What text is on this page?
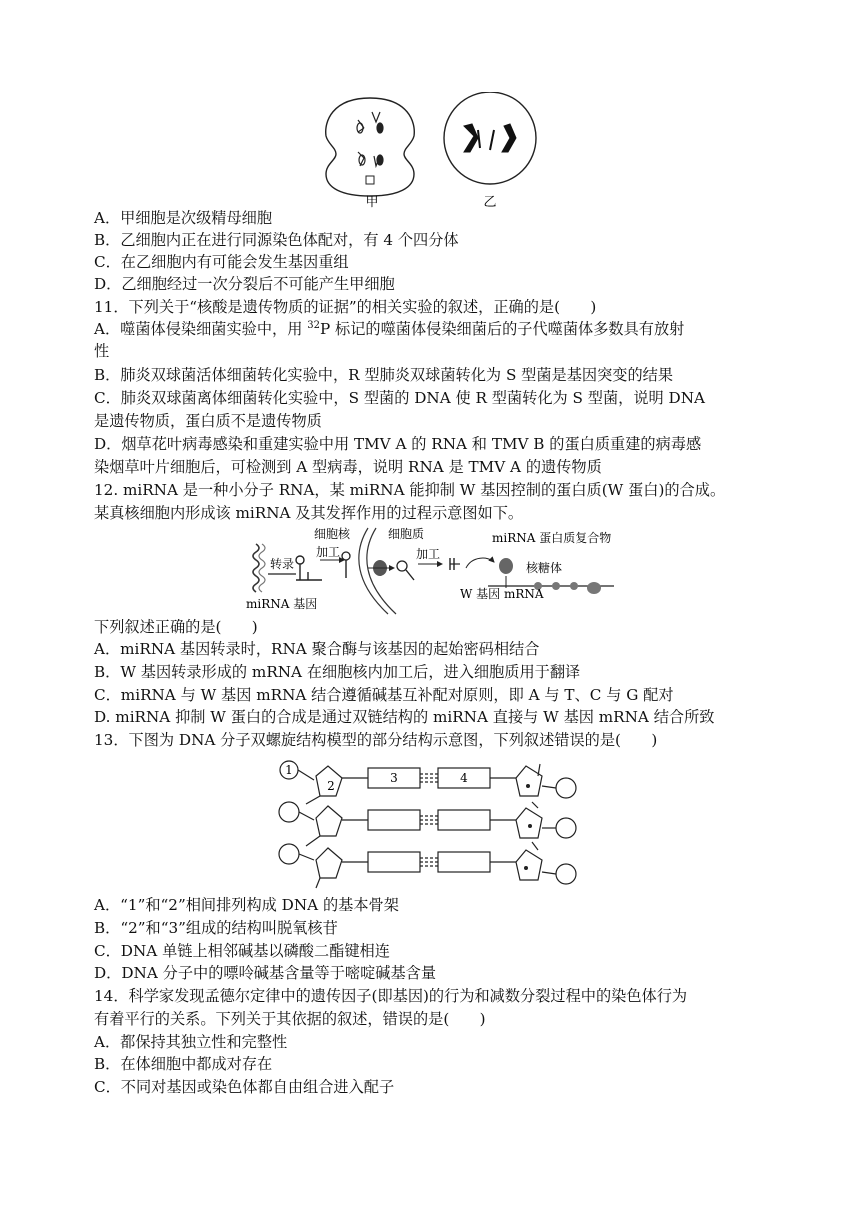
甲	乙
A．甲细胞是次级精母细胞
B．乙细胞内正在进行同源染色体配对，有 4 个四分体
C．在乙细胞内有可能会发生基因重组
D．乙细胞经过一次分裂后不可能产生甲细胞
11．下列关于“核酸是遗传物质的证据”的相关实验的叙述，正确的是(　　)
A．噬菌体侵染细菌实验中，用 $^{32}$P 标记的噬菌体侵染细菌后的子代噬菌体多数具有放射
性
B．肺炎双球菌活体细菌转化实验中，R 型肺炎双球菌转化为 S 型菌是基因突变的结果
C．肺炎双球菌离体细菌转化实验中，S 型菌的 DNA 使 R 型菌转化为 S 型菌，说明 DNA
是遗传物质，蛋白质不是遗传物质
D．烟草花叶病毒感染和重建实验中用 TMV A 的 RNA 和 TMV B 的蛋白质重建的病毒感
染烟草叶片细胞后，可检测到 A 型病毒，说明 RNA 是 TMV A 的遗传物质
12. miRNA 是一种小分子 RNA，某 miRNA 能抑制 W 基因控制的蛋白质(W 蛋白)的合成。
某真核细胞内形成该 miRNA 及其发挥作用的过程示意图如下。
转录
加工
miRNA 基因
细胞核	细胞质
加工
miRNA 蛋白质复合物
核糖体
W 基因 mRNA
下列叙述正确的是(　　)
A．miRNA 基因转录时，RNA 聚合酶与该基因的起始密码相结合
B．W 基因转录形成的 mRNA 在细胞核内加工后，进入细胞质用于翻译
C．miRNA 与 W 基因 mRNA 结合遵循碱基互补配对原则，即 A 与 T、C 与 G 配对
D. miRNA 抑制 W 蛋白的合成是通过双链结构的 miRNA 直接与 W 基因 mRNA 结合所致
13．下图为 DNA 分子双螺旋结构模型的部分结构示意图，下列叙述错误的是(　　)
1
2
3	4
A．“1”和“2”相间排列构成 DNA 的基本骨架
B．“2”和“3”组成的结构叫脱氧核苷
C．DNA 单链上相邻碱基以磷酸二酯键相连
D．DNA 分子中的嘌呤碱基含量等于嘧啶碱基含量
14．科学家发现孟德尔定律中的遗传因子(即基因)的行为和减数分裂过程中的染色体行为
有着平行的关系。下列关于其依据的叙述，错误的是(　　)
A．都保持其独立性和完整性
B．在体细胞中都成对存在
C．不同对基因或染色体都自由组合进入配子
